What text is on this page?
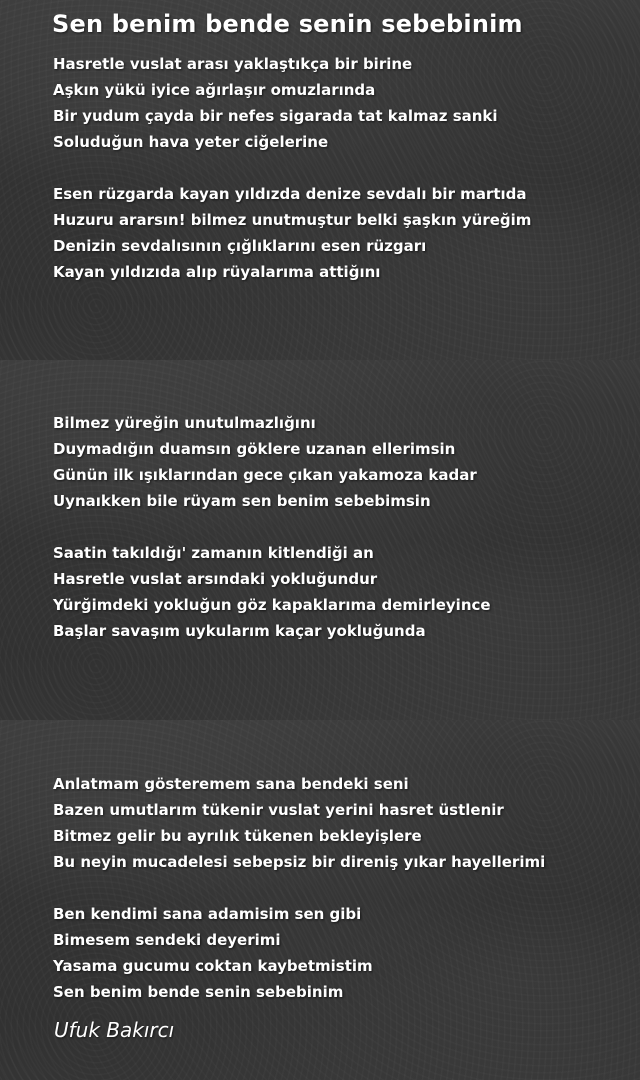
Sen benim bende senin sebebinim
Hasretle vuslat arası yaklaştıkça bir birine
Aşkın yükü iyice ağırlaşır omuzlarında
Bir yudum çayda bir nefes sigarada tat kalmaz sanki
Soluduğun hava yeter ciğelerine
Esen rüzgarda kayan yıldızda denize sevdalı bir martıda
Huzuru ararsın! bilmez unutmuştur belki şaşkın yüreğim
Denizin sevdalısının çığlıklarını esen rüzgarı
Kayan yıldızıda alıp rüyalarıma attiğını
Bilmez yüreğin unutulmazlığını
Duymadığın duamsın göklere uzanan ellerimsin
Günün ilk ışıklarından gece çıkan yakamoza kadar
Uynaıkken bile rüyam sen benim sebebimsin
Saatin takıldığı' zamanın kitlendiği an
Hasretle vuslat arsındaki yokluğundur
Yürğimdeki yokluğun göz kapaklarıma demirleyince
Başlar savaşım uykularım kaçar yokluğunda
Anlatmam gösteremem sana bendeki seni
Bazen umutlarım tükenir vuslat yerini hasret üstlenir
Bitmez gelir bu ayrılık tükenen bekleyişlere
Bu neyin mucadelesi sebepsiz bir direniş yıkar hayellerimi
Ben kendimi sana adamisim sen gibi
Bimesem sendeki deyerimi
Yasama gucumu coktan kaybetmistim
Sen benim bende senin sebebinim
Ufuk Bakırcı
